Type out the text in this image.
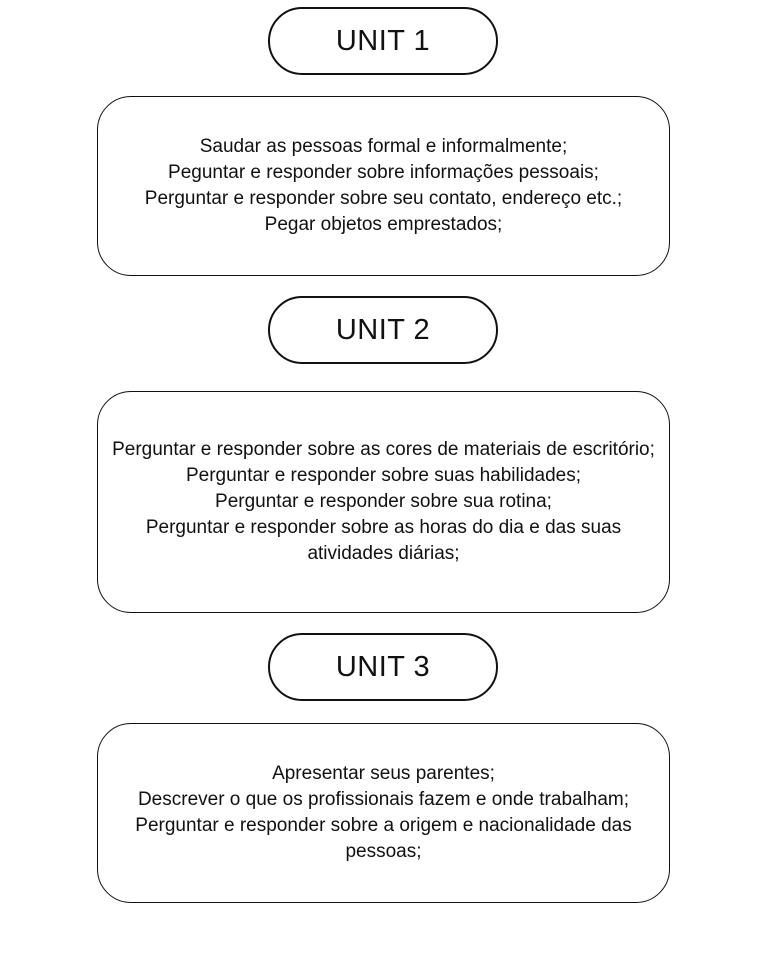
UNIT 1
Saudar as pessoas formal e informalmente;
Peguntar e responder sobre informações pessoais;
Perguntar e responder sobre seu contato, endereço etc.;
Pegar objetos emprestados;
UNIT 2
Perguntar e responder sobre as cores de materiais de escritório;
Perguntar e responder sobre suas habilidades;
Perguntar e responder sobre sua rotina;
Perguntar e responder sobre as horas do dia e das suas atividades diárias;
UNIT 3
Apresentar seus parentes;
Descrever o que os profissionais fazem e onde trabalham;
Perguntar e responder sobre a origem e nacionalidade das pessoas;
